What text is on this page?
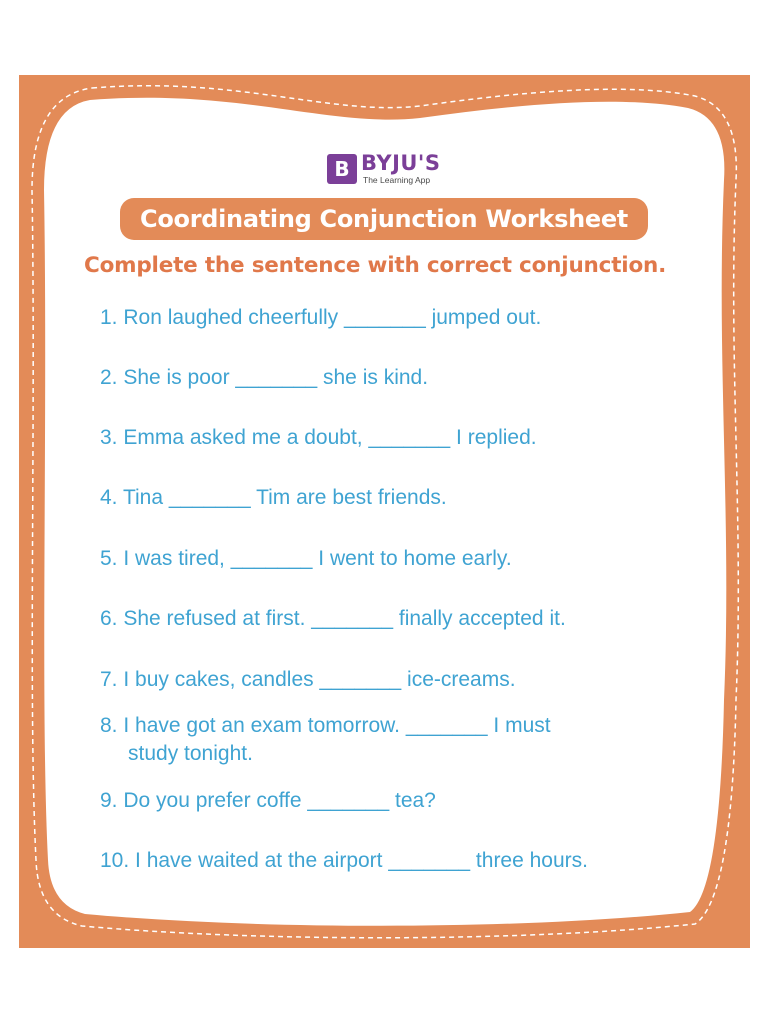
B BYJU'S
The Learning App
Coordinating Conjunction Worksheet
Complete the sentence with correct conjunction.
1. Ron laughed cheerfully _______ jumped out.
2. She is poor _______ she is kind.
3. Emma asked me a doubt, _______ I replied.
4. Tina _______ Tim are best friends.
5. I was tired, _______ I went to home early.
6. She refused at first. _______ finally accepted it.
7. I buy cakes, candles _______ ice-creams.
8. I have got an exam tomorrow. _______ I must
study tonight.
9. Do you prefer coffe _______ tea?
10. I have waited at the airport _______ three hours.
